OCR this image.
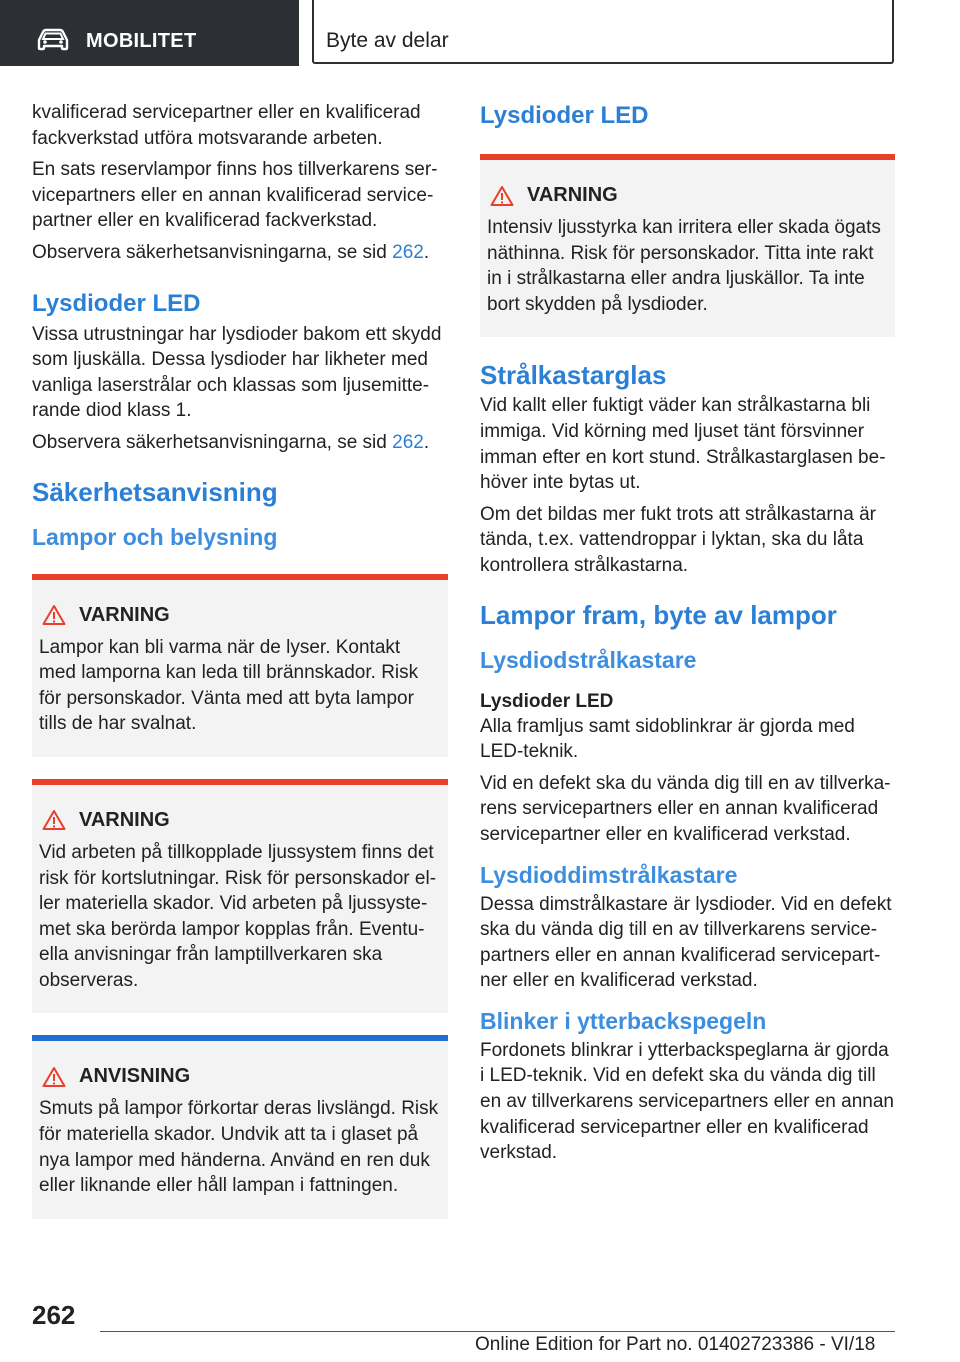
MOBILITET	Byte av delar

kvalificerad servicepartner eller en kvalificerad fackverkstad utföra motsvarande arbeten.

En sats reservlampor finns hos tillverkarens servicepartners eller en annan kvalificerad servicepartner eller en kvalificerad fackverkstad.

Observera säkerhetsanvisningarna, se sid 262.

Lysdioder LED

Vissa utrustningar har lysdioder bakom ett skydd som ljuskälla. Dessa lysdioder har likheter med vanliga laserstrålar och klassas som ljusemitterande diod klass 1.

Observera säkerhetsanvisningarna, se sid 262.

Säkerhetsanvisning
Lampor och belysning
VARNING

Lampor kan bli varma när de lyser. Kontakt med lamporna kan leda till brännskador. Risk för personskador. Vänta med att byta lampor tills de har svalnat.

VARNING

Vid arbeten på tillkopplade ljussystem finns det risk för kortslutningar. Risk för personskador eller materiella skador. Vid arbeten på ljussystemet ska berörda lampor kopplas från. Eventuella anvisningar från lamptillverkaren ska observeras.

ANVISNING

Smuts på lampor förkortar deras livslängd. Risk för materiella skador. Undvik att ta i glaset på nya lampor med händerna. Använd en ren duk eller liknande eller håll lampan i fattningen.

Lysdioder LED
VARNING

Intensiv ljusstyrka kan irritera eller skada ögats näthinna. Risk för personskador. Titta inte rakt in i strålkastarna eller andra ljuskällor. Ta inte bort skydden på lysdioder.

Strålkastarglas

Vid kallt eller fuktigt väder kan strålkastarna bli immiga. Vid körning med ljuset tänt försvinner imman efter en kort stund. Strålkastarglasen behöver inte bytas ut.

Om det bildas mer fukt trots att strålkastarna är tända, t.ex. vattendroppar i lyktan, ska du låta kontrollera strålkastarna.

Lampor fram, byte av lampor
Lysdiodstrålkastare
Lysdioder LED

Alla framljus samt sidoblinkrar är gjorda med LED-teknik.

Vid en defekt ska du vända dig till en av tillverkarens servicepartners eller en annan kvalificerad servicepartner eller en kvalificerad verkstad.

Lysdioddimstrålkastare

Dessa dimstrålkastare är lysdioder. Vid en defekt ska du vända dig till en av tillverkarens servicepartners eller en annan kvalificerad servicepartner eller en kvalificerad verkstad.

Blinker i ytterbackspegeln

Fordonets blinkrar i ytterbackspeglarna är gjorda i LED-teknik. Vid en defekt ska du vända dig till en av tillverkarens servicepartners eller en annan kvalificerad servicepartner eller en kvalificerad verkstad.

262
Online Edition for Part no. 01402723386 - VI/18
